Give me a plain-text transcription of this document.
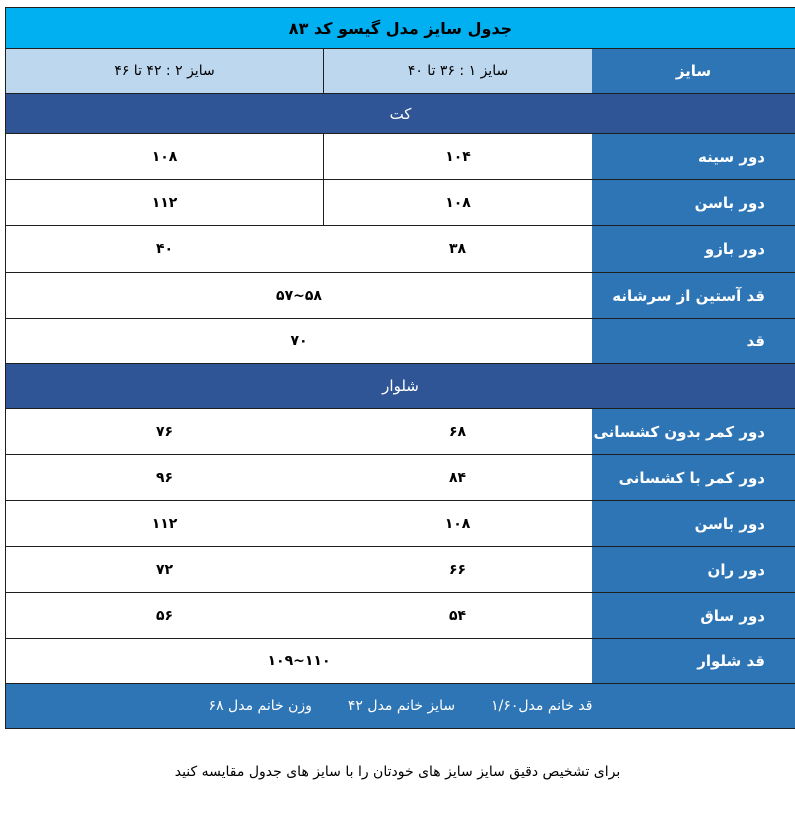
جدول سایز مدل گیسو کد ۸۳
سایز
سایز ۱ : ۳۶ تا ۴۰
سایز ۲ : ۴۲ تا ۴۶
کت
دور سینه
۱۰۴
۱۰۸
دور باسن
۱۰۸
۱۱۲
دور بازو
۳۸
۴۰
قد آستین از سرشانه
۵۸~۵۷
قد
۷۰
شلوار
دور کمر بدون کشسانی
۶۸
۷۶
دور کمر با کشسانی
۸۴
۹۶
دور باسن
۱۰۸
۱۱۲
دور ران
۶۶
۷۲
دور ساق
۵۴
۵۶
قد شلوار
۱۱۰~۱۰۹
قد خانم مدل۱/۶۰
سایز خانم مدل ۴۲
وزن خانم مدل ۶۸
برای تشخیص دقیق سایز سایز های خودتان را با سایز های جدول مقایسه کنید
